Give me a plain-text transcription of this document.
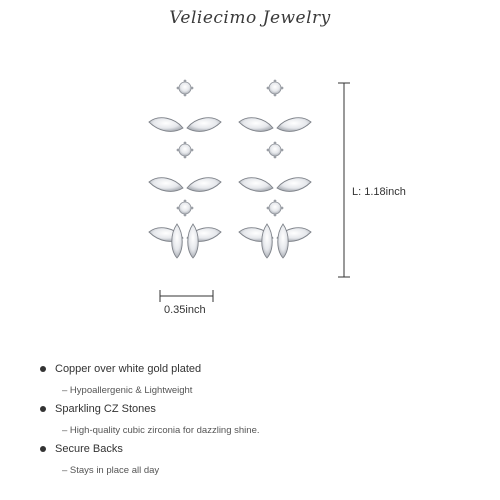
Veliecimo Jewelry
0.35inch
L: 1.18inch
Copper over white gold plated
– Hypoallergenic & Lightweight
Sparkling CZ Stones
– High-quality cubic zirconia for dazzling shine.
Secure Backs
– Stays in place all day
